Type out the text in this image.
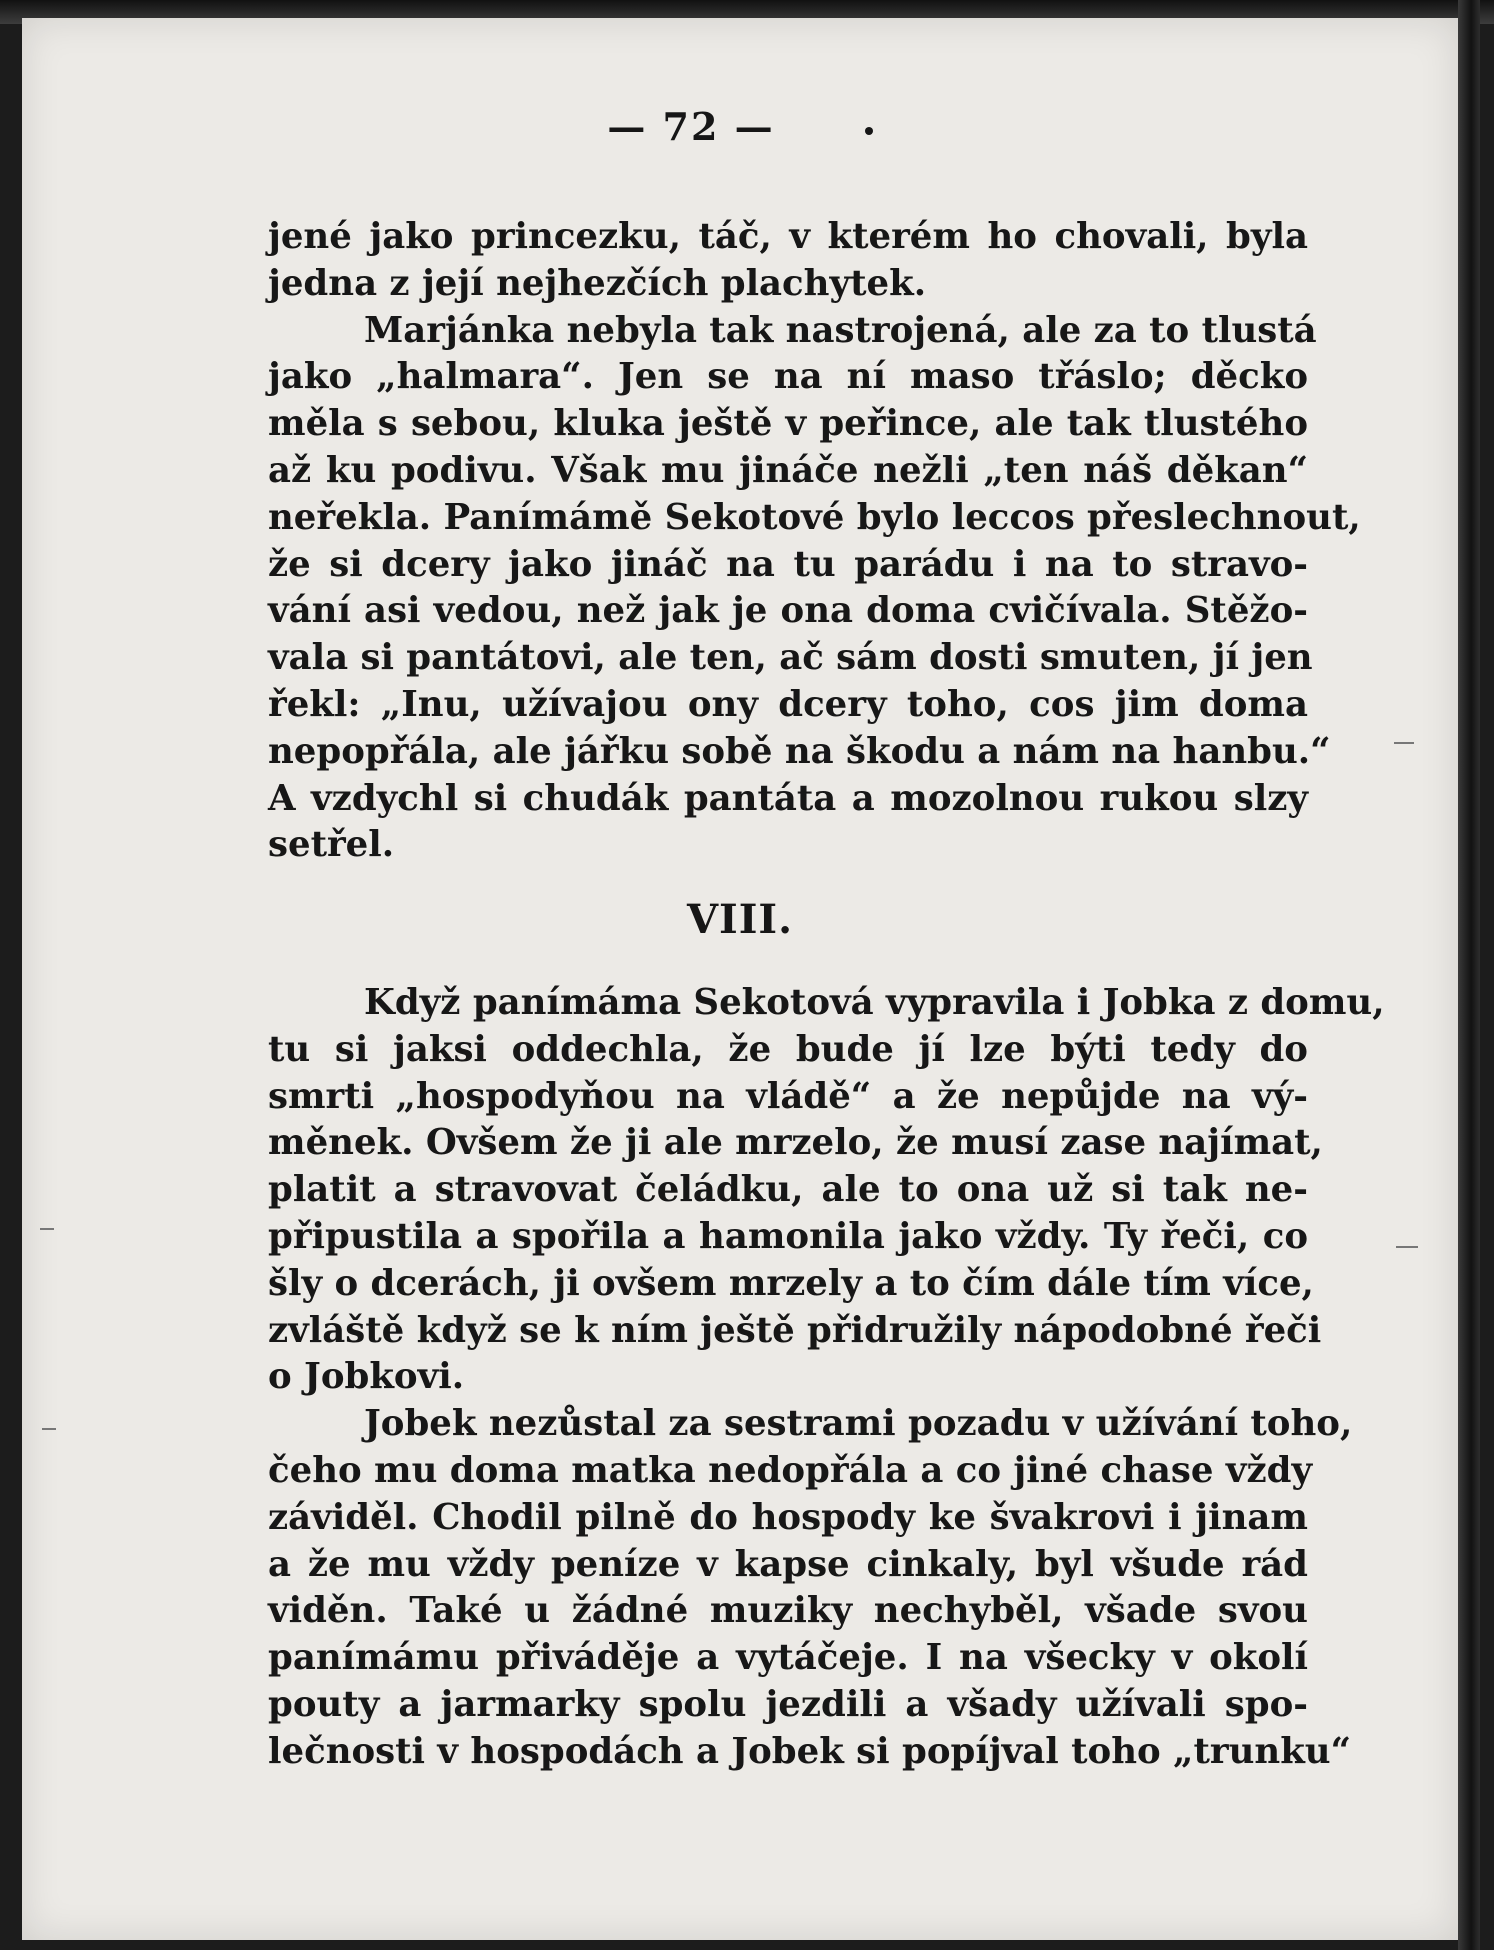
— 72 —
jené jako princezku, táč, v kterém ho chovali, byla
jedna z její nejhezčích plachytek.
Marjánka nebyla tak nastrojená, ale za to tlustá
jako „halmara“. Jen se na ní maso třáslo; děcko
měla s sebou, kluka ještě v peřince, ale tak tlustého
až ku podivu. Však mu jináče nežli „ten náš děkan“
neřekla. Panímámě Sekotové bylo leccos přeslechnout,
že si dcery jako jináč na tu parádu i na to stravo-
vání asi vedou, než jak je ona doma cvičívala. Stěžo-
vala si pantátovi, ale ten, ač sám dosti smuten, jí jen
řekl: „Inu, užívajou ony dcery toho, cos jim doma
nepopřála, ale jářku sobě na škodu a nám na hanbu.“
A vzdychl si chudák pantáta a mozolnou rukou slzy
setřel.
VIII.
Když panímáma Sekotová vypravila i Jobka z domu,
tu si jaksi oddechla, že bude jí lze býti tedy do
smrti „hospodyňou na vládě“ a že nepůjde na vý-
měnek. Ovšem že ji ale mrzelo, že musí zase najímat,
platit a stravovat čeládku, ale to ona už si tak ne-
připustila a spořila a hamonila jako vždy. Ty řeči, co
šly o dcerách, ji ovšem mrzely a to čím dále tím více,
zvláště když se k ním ještě přidružily nápodobné řeči
o Jobkovi.
Jobek nezůstal za sestrami pozadu v užívání toho,
čeho mu doma matka nedopřála a co jiné chase vždy
záviděl. Chodil pilně do hospody ke švakrovi i jinam
a že mu vždy peníze v kapse cinkaly, byl všude rád
viděn. Také u žádné muziky nechyběl, všade svou
panímámu přiváděje a vytáčeje. I na všecky v okolí
pouty a jarmarky spolu jezdili a všady užívali spo-
lečnosti v hospodách a Jobek si popíjval toho „trunku“
